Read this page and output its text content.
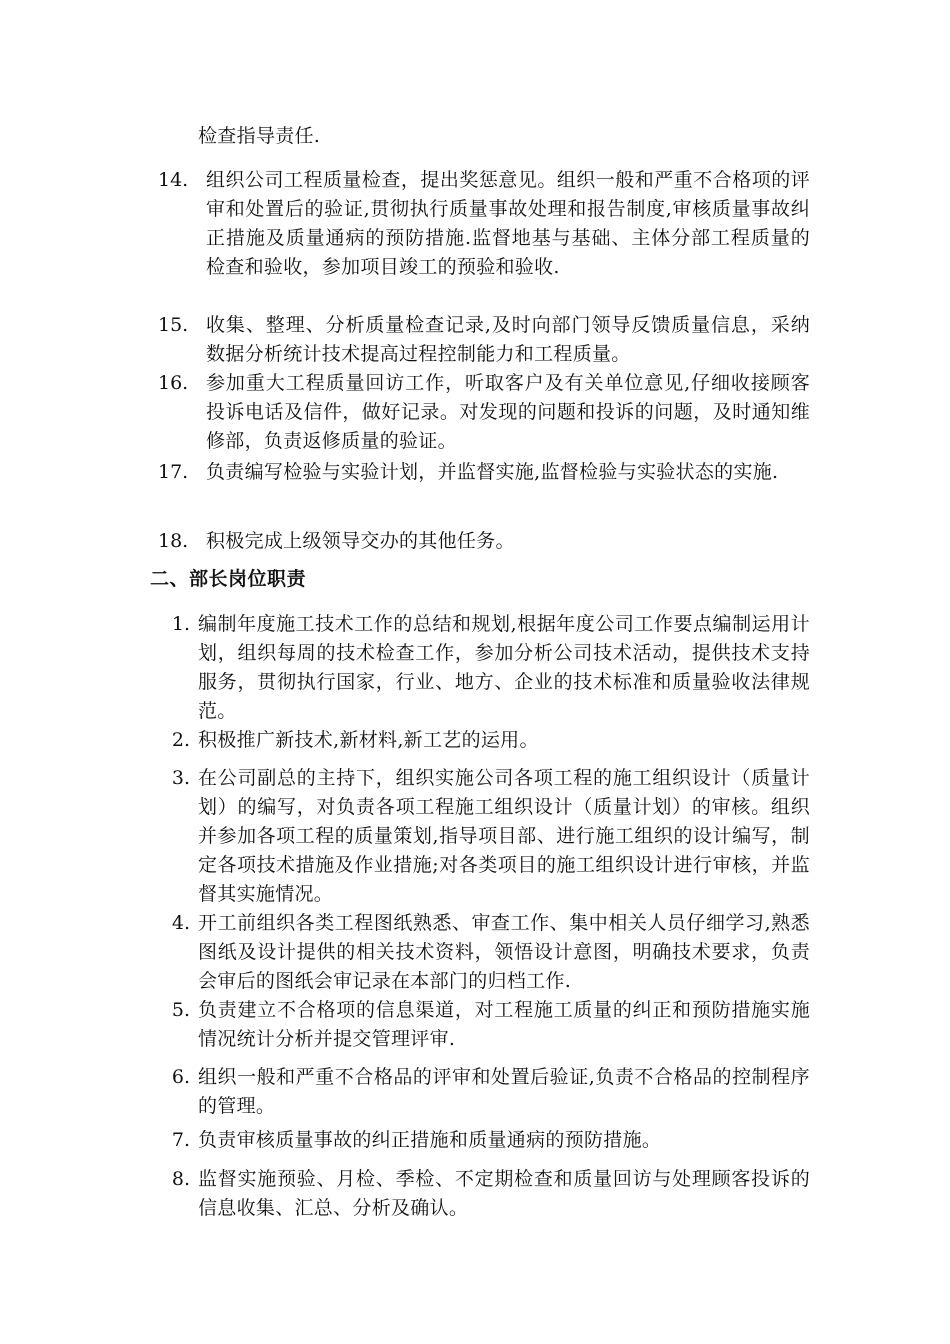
检查指导责任.
14. 组织公司工程质量检查，提出奖惩意见。组织一般和严重不合格项的评审和处置后的验证,贯彻执行质量事故处理和报告制度,审核质量事故纠正措施及质量通病的预防措施.监督地基与基础、主体分部工程质量的检查和验收，参加项目竣工的预验和验收.
15. 收集、整理、分析质量检查记录,及时向部门领导反馈质量信息，采纳数据分析统计技术提高过程控制能力和工程质量。
16. 参加重大工程质量回访工作，听取客户及有关单位意见,仔细收接顾客投诉电话及信件，做好记录。对发现的问题和投诉的问题，及时通知维修部，负责返修质量的验证。
17. 负责编写检验与实验计划，并监督实施,监督检验与实验状态的实施.
18. 积极完成上级领导交办的其他任务。
二、部长岗位职责
1. 编制年度施工技术工作的总结和规划,根据年度公司工作要点编制运用计划，组织每周的技术检查工作，参加分析公司技术活动，提供技术支持服务，贯彻执行国家，行业、地方、企业的技术标准和质量验收法律规范。
2. 积极推广新技术,新材料,新工艺的运用。
3. 在公司副总的主持下，组织实施公司各项工程的施工组织设计（质量计划）的编写，对负责各项工程施工组织设计（质量计划）的审核。组织并参加各项工程的质量策划,指导项目部、进行施工组织的设计编写，制定各项技术措施及作业措施;对各类项目的施工组织设计进行审核，并监督其实施情况。
4. 开工前组织各类工程图纸熟悉、审查工作、集中相关人员仔细学习,熟悉图纸及设计提供的相关技术资料，领悟设计意图，明确技术要求，负责会审后的图纸会审记录在本部门的归档工作.
5. 负责建立不合格项的信息渠道，对工程施工质量的纠正和预防措施实施情况统计分析并提交管理评审.
6. 组织一般和严重不合格品的评审和处置后验证,负责不合格品的控制程序的管理。
7. 负责审核质量事故的纠正措施和质量通病的预防措施。
8. 监督实施预验、月检、季检、不定期检查和质量回访与处理顾客投诉的信息收集、汇总、分析及确认。
